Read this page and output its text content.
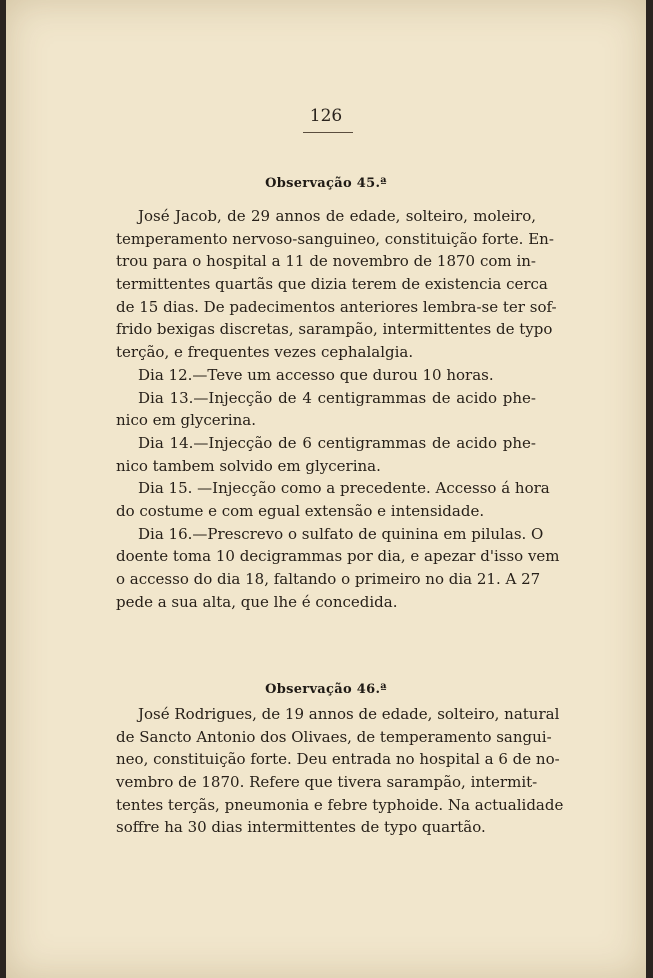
126
Observação 45.ª
José Jacob, de 29 annos de edade, solteiro, moleiro,
temperamento nervoso-sanguineo, constituição forte. En-
trou para o hospital a 11 de novembro de 1870 com in-
termittentes quartãs que dizia terem de existencia cerca
de 15 dias. De padecimentos anteriores lembra-se ter sof-
frido bexigas discretas, sarampão, intermittentes de typo
terção, e frequentes vezes cephalalgia.
Dia 12.—Teve um accesso que durou 10 horas.
Dia 13.—Injecção de 4 centigrammas de acido phe-
nico em glycerina.
Dia 14.—Injecção de 6 centigrammas de acido phe-
nico tambem solvido em glycerina.
Dia 15. —Injecção como a precedente. Accesso á hora
do costume e com egual extensão e intensidade.
Dia 16.—Prescrevo o sulfato de quinina em pilulas. O
doente toma 10 decigrammas por dia, e apezar d'isso vem
o accesso do dia 18, faltando o primeiro no dia 21. A 27
pede a sua alta, que lhe é concedida.
Observação 46.ª
José Rodrigues, de 19 annos de edade, solteiro, natural
de Sancto Antonio dos Olivaes, de temperamento sangui-
neo, constituição forte. Deu entrada no hospital a 6 de no-
vembro de 1870. Refere que tivera sarampão, intermit-
tentes terçãs, pneumonia e febre typhoide. Na actualidade
soffre ha 30 dias intermittentes de typo quartão.
